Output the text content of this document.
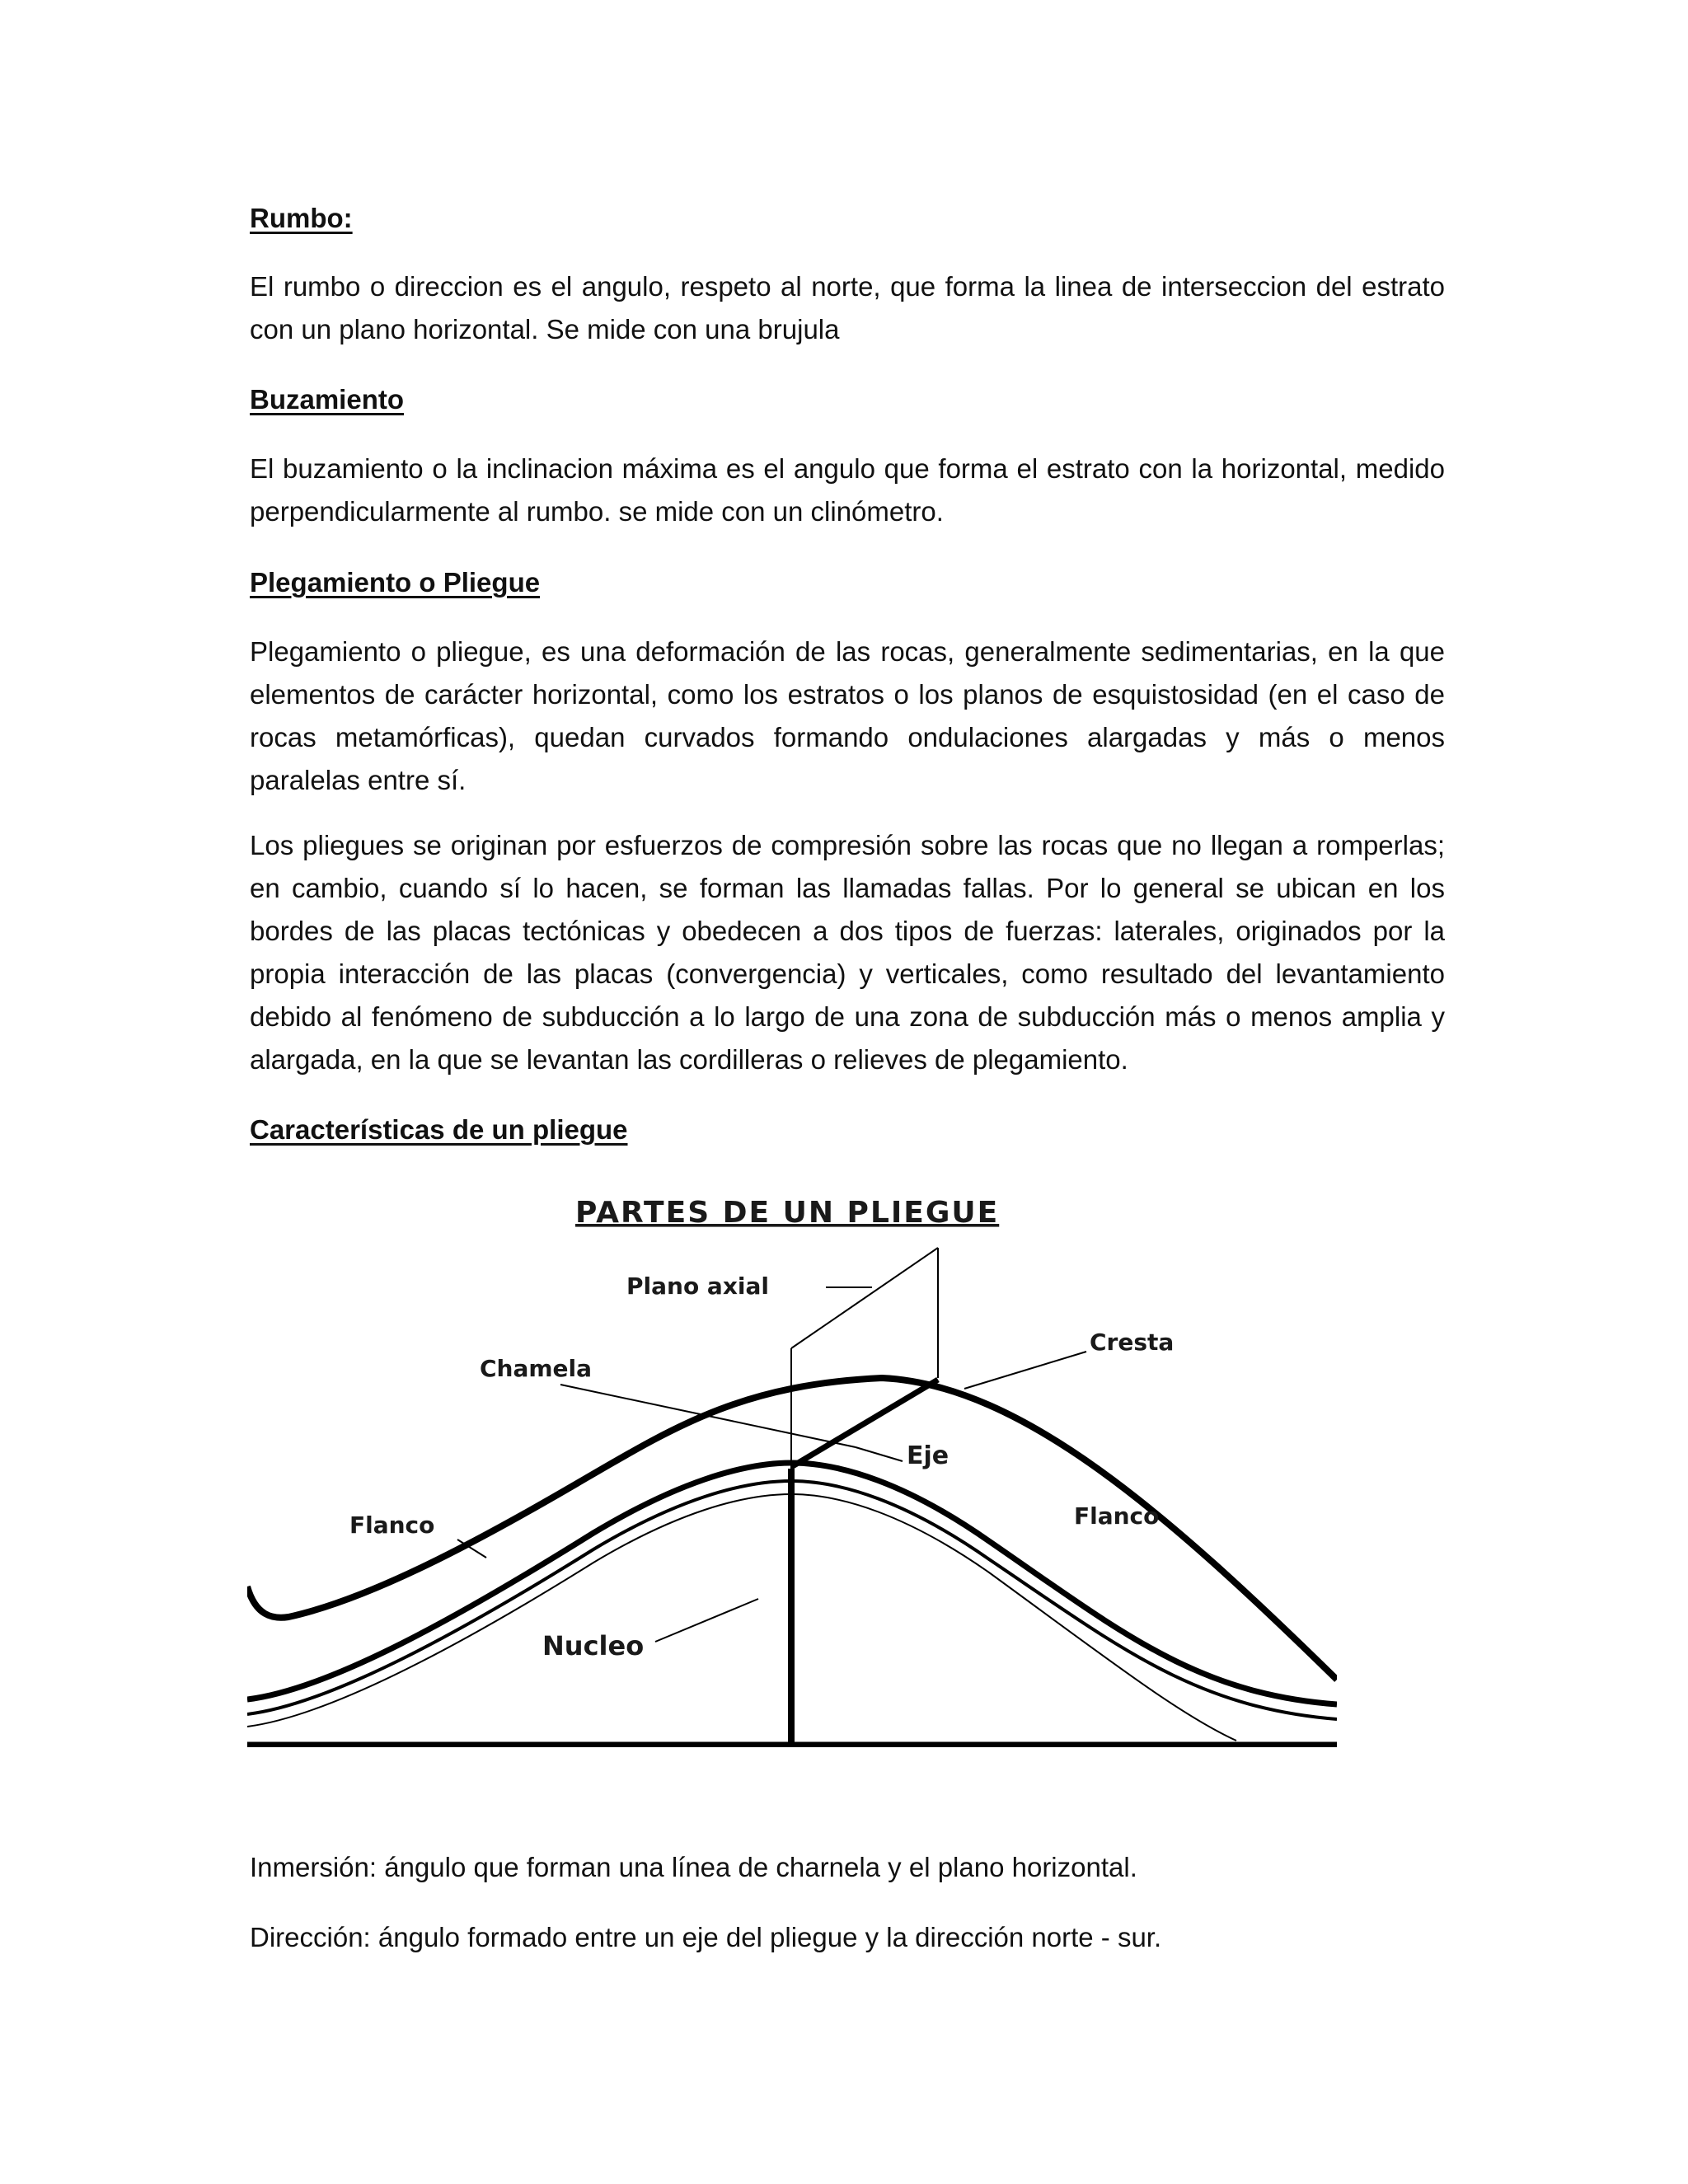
Rumbo:

El rumbo o direccion es el angulo, respeto al norte, que forma la linea de interseccion del estrato con un plano horizontal. Se mide con una brujula

Buzamiento

El buzamiento o la inclinacion máxima es el angulo que forma el estrato con la horizontal, medido perpendicularmente al rumbo. se mide con un clinómetro.

Plegamiento o Pliegue

Plegamiento o pliegue, es una deformación de las rocas, generalmente sedimentarias, en la que elementos de carácter horizontal, como los estratos o los planos de esquistosidad (en el caso de rocas metamórficas), quedan curvados formando ondulaciones alargadas y más o menos paralelas entre sí.

Los pliegues se originan por esfuerzos de compresión sobre las rocas que no llegan a romperlas; en cambio, cuando sí lo hacen, se forman las llamadas fallas. Por lo general se ubican en los bordes de las placas tectónicas y obedecen a dos tipos de fuerzas: laterales, originados por la propia interacción de las placas (convergencia) y verticales, como resultado del levantamiento debido al fenómeno de subducción a lo largo de una zona de subducción más o menos amplia y alargada, en la que se levantan las cordilleras o relieves de plegamiento.

Características de un pliegue
PARTES DE UN PLIEGUE
Plano axial
Cresta
Chamela
Eje
Flanco	Flanco
Nucleo

Inmersión: ángulo que forman una línea de charnela y el plano horizontal.

Dirección: ángulo formado entre un eje del pliegue y la dirección norte - sur.
